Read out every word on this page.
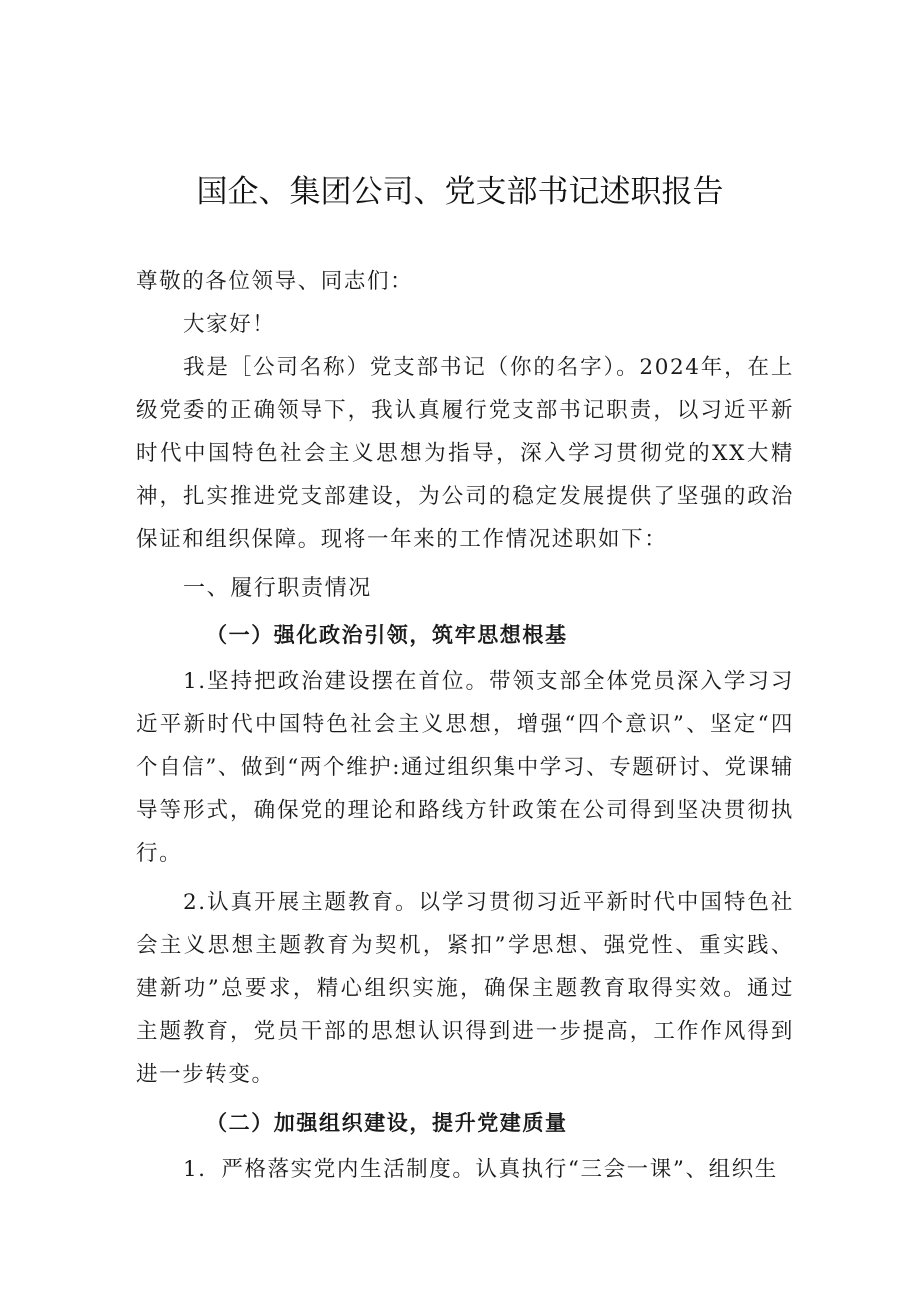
国企、集团公司、党支部书记述职报告

尊敬的各位领导、同志们：

大家好！

我是［公司名称）党支部书记（你的名字）。2024年，在上级党委的正确领导下，我认真履行党支部书记职责，以习近平新时代中国特色社会主义思想为指导，深入学习贯彻党的XX大精神，扎实推进党支部建设，为公司的稳定发展提供了坚强的政治保证和组织保障。现将一年来的工作情况述职如下：

一、履行职责情况

（一）强化政治引领，筑牢思想根基

1.坚持把政治建设摆在首位。带领支部全体党员深入学习习近平新时代中国特色社会主义思想，增强“四个意识”、坚定“四个自信”、做到“两个维护:通过组织集中学习、专题研讨、党课辅导等形式，确保党的理论和路线方针政策在公司得到坚决贯彻执行。

2.认真开展主题教育。以学习贯彻习近平新时代中国特色社会主义思想主题教育为契机，紧扣”学思想、强党性、重实践、建新功”总要求，精心组织实施，确保主题教育取得实效。通过主题教育，党员干部的思想认识得到进一步提高，工作作风得到进一步转变。

（二）加强组织建设，提升党建质量

1．严格落实党内生活制度。认真执行“三会一课”、组织生
